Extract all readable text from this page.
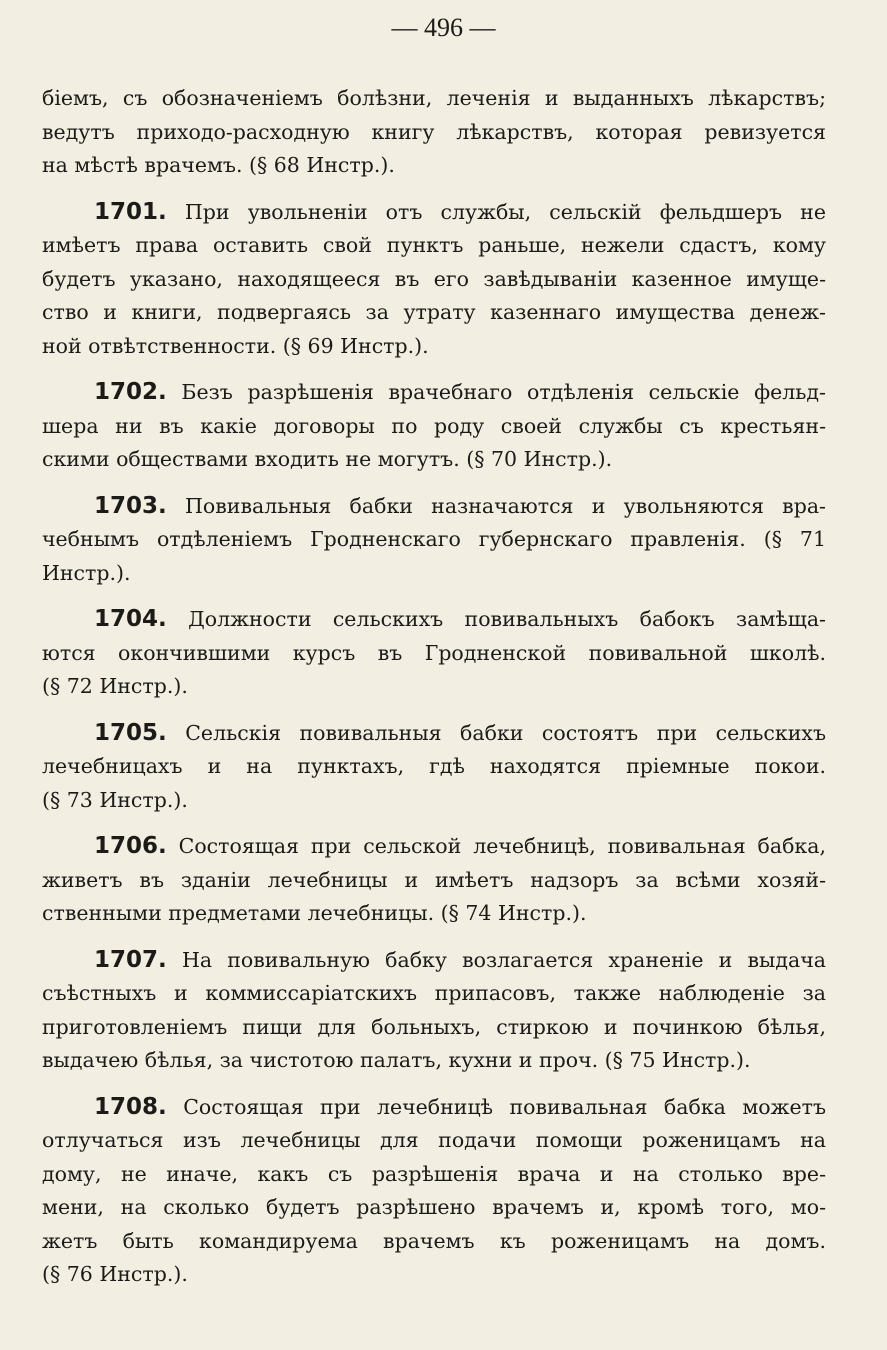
— 496 —
біемъ, съ обозначеніемъ болѣзни, леченія и выданныхъ лѣкарствъ;
ведутъ приходо-расходную книгу лѣкарствъ, которая ревизуется
на мѣстѣ врачемъ. (§ 68 Инстр.).
1701. При увольненіи отъ службы, сельскій фельдшеръ не
имѣетъ права оставить свой пунктъ раньше, нежели сдастъ, кому
будетъ указано, находящееся въ его завѣдываніи казенное имуще-
ство и книги, подвергаясь за утрату казеннаго имущества денеж-
ной отвѣтственности. (§ 69 Инстр.).
1702. Безъ разрѣшенія врачебнаго отдѣленія сельскіе фельд-
шера ни въ какіе договоры по роду своей службы съ крестьян-
скими обществами входить не могутъ. (§ 70 Инстр.).
1703. Повивальныя бабки назначаются и увольняются вра-
чебнымъ отдѣленіемъ Гродненскаго губернскаго правленія. (§ 71
Инстр.).
1704. Должности сельскихъ повивальныхъ бабокъ замѣща-
ются окончившими курсъ въ Гродненской повивальной школѣ.
(§ 72 Инстр.).
1705. Сельскія повивальныя бабки состоятъ при сельскихъ
лечебницахъ и на пунктахъ, гдѣ находятся пріемные покои.
(§ 73 Инстр.).
1706. Состоящая при сельской лечебницѣ, повивальная бабка,
живетъ въ зданіи лечебницы и имѣетъ надзоръ за всѣми хозяй-
ственными предметами лечебницы. (§ 74 Инстр.).
1707. На повивальную бабку возлагается храненіе и выдача
съѣстныхъ и коммиссаріатскихъ припасовъ, также наблюденіе за
приготовленіемъ пищи для больныхъ, стиркою и починкою бѣлья,
выдачею бѣлья, за чистотою палатъ, кухни и проч. (§ 75 Инстр.).
1708. Состоящая при лечебницѣ повивальная бабка можетъ
отлучаться изъ лечебницы для подачи помощи роженицамъ на
дому, не иначе, какъ съ разрѣшенія врача и на столько вре-
мени, на сколько будетъ разрѣшено врачемъ и, кромѣ того, мо-
жетъ быть командируема врачемъ къ роженицамъ на домъ.
(§ 76 Инстр.).
